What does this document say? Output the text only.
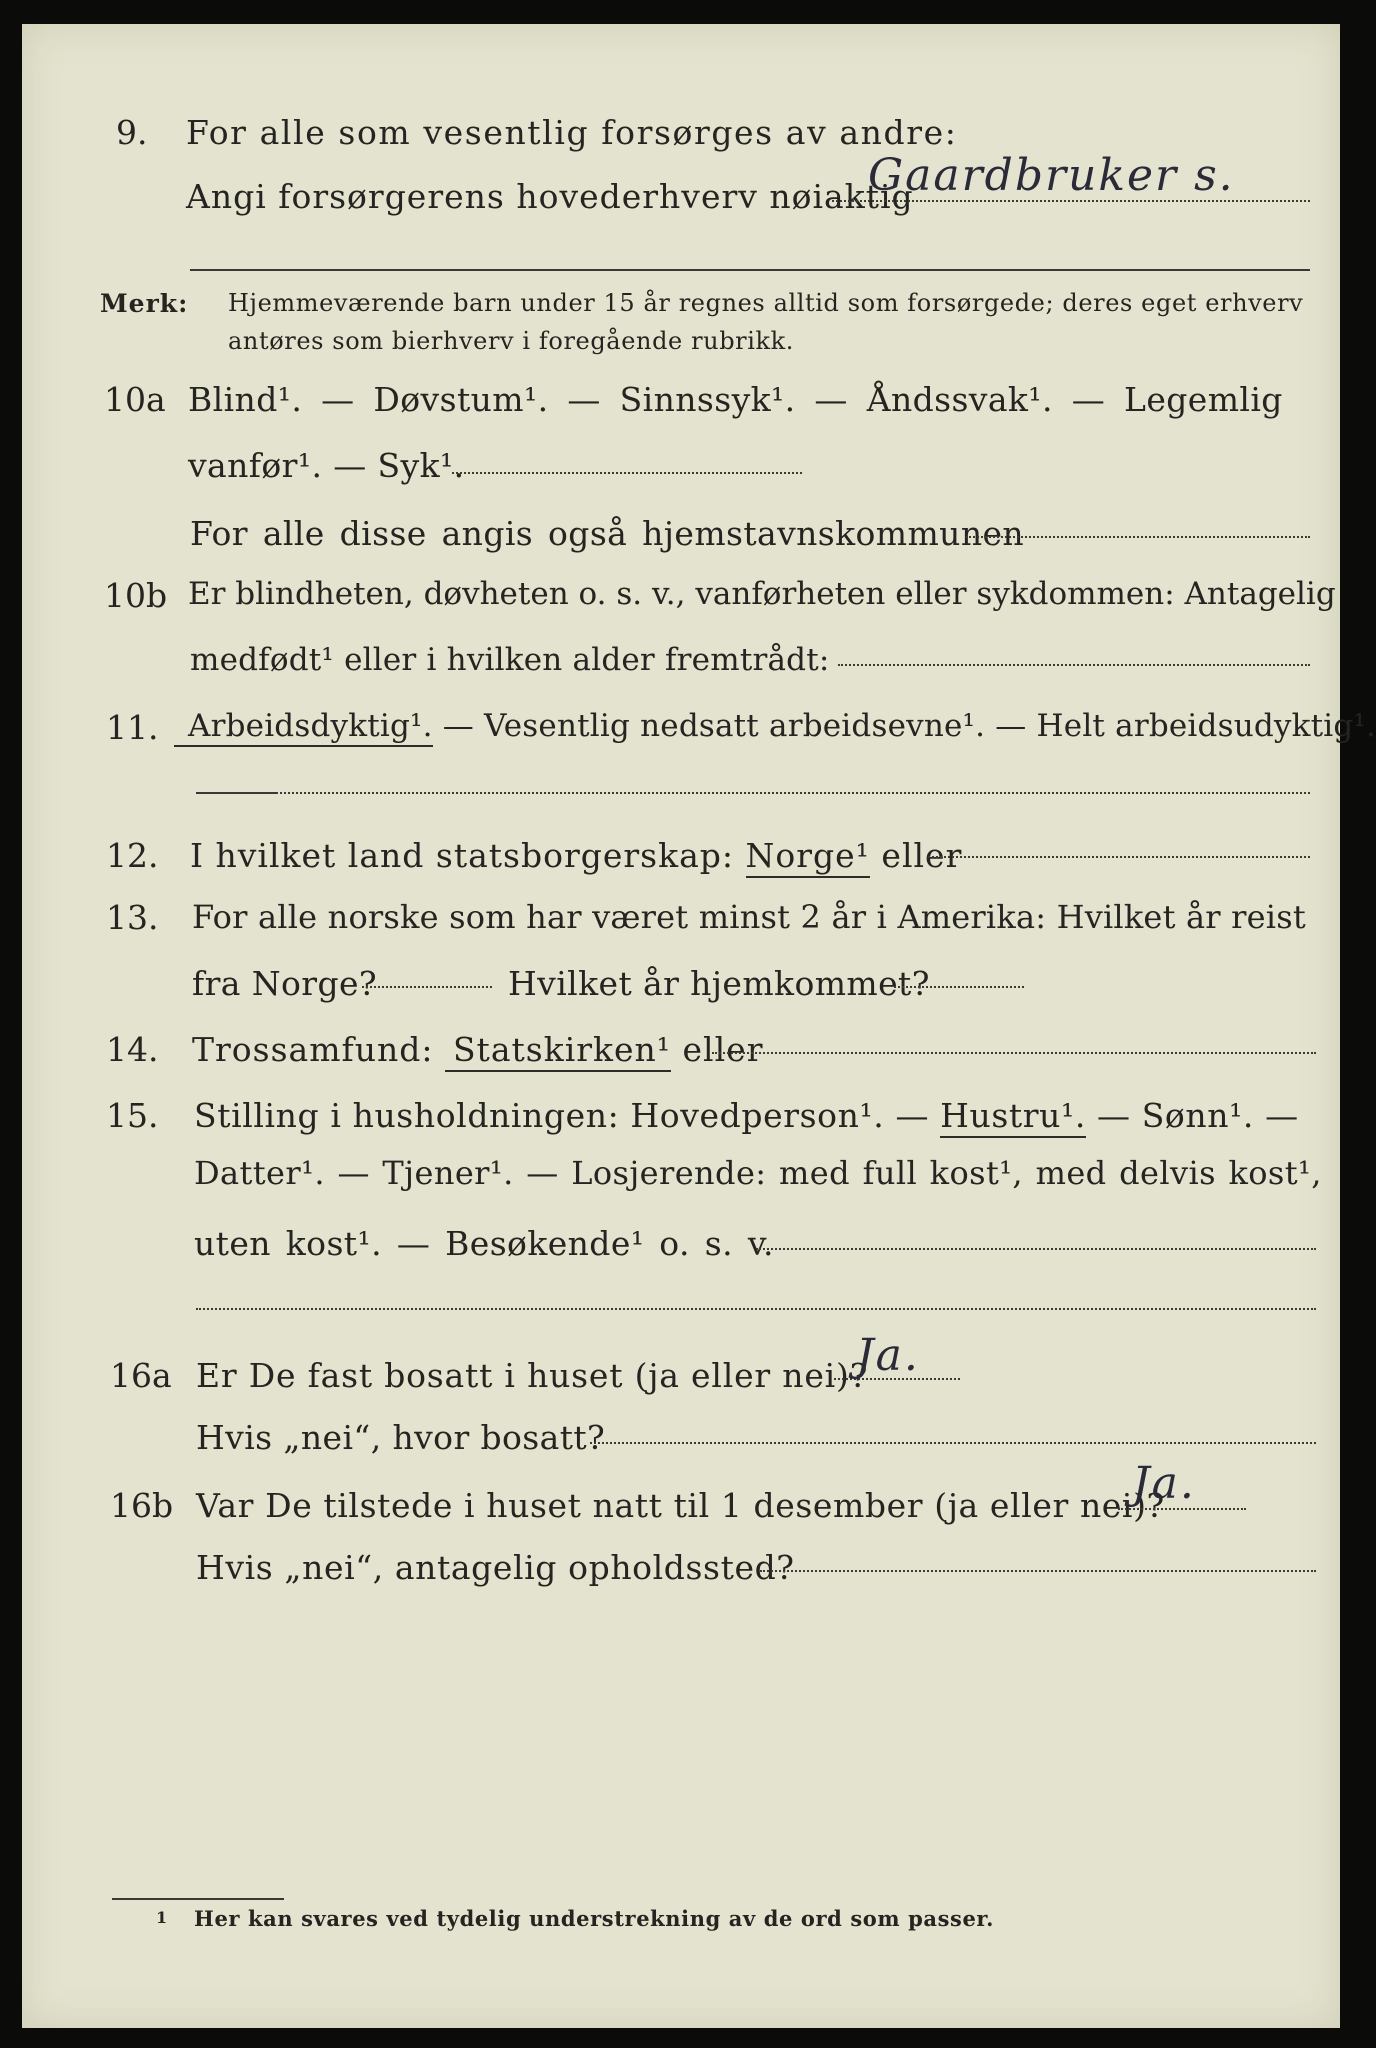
9. For alle som vesentlig forsørges av andre:
Angi forsørgerens hovederhverv nøiaktig
Gaardbruker s.
Merk: Hjemmeværende barn under 15 år regnes alltid som forsørgede; deres eget erhverv
antøres som bierhverv i foregående rubrikk.
10a Blind¹. — Døvstum¹. — Sinnssyk¹. — Åndssvak¹. — Legemlig
vanfør¹. — Syk¹.
For alle disse angis også hjemstavnskommunen
10b Er blindheten, døvheten o. s. v., vanførheten eller sykdommen: Antagelig
medfødt¹ eller i hvilken alder fremtrådt:
11. Arbeidsdyktig¹. — Vesentlig nedsatt arbeidsevne¹. — Helt arbeidsudyktig¹.
12. I hvilket land statsborgerskap: Norge¹ eller
13. For alle norske som har været minst 2 år i Amerika: Hvilket år reist
fra Norge?	Hvilket år hjemkommet?
14. Trossamfund: Statskirken¹ eller
15. Stilling i husholdningen: Hovedperson¹. — Hustru¹. — Sønn¹. —
Datter¹. — Tjener¹. — Losjerende: med full kost¹, med delvis kost¹,
uten kost¹. — Besøkende¹ o. s. v.
16a Er De fast bosatt i huset (ja eller nei)?
Ja.
Hvis „nei“, hvor bosatt?
16b Var De tilstede i huset natt til 1 desember (ja eller nei)?
Ja.
Hvis „nei“, antagelig opholdssted?
1 Her kan svares ved tydelig understrekning av de ord som passer.
